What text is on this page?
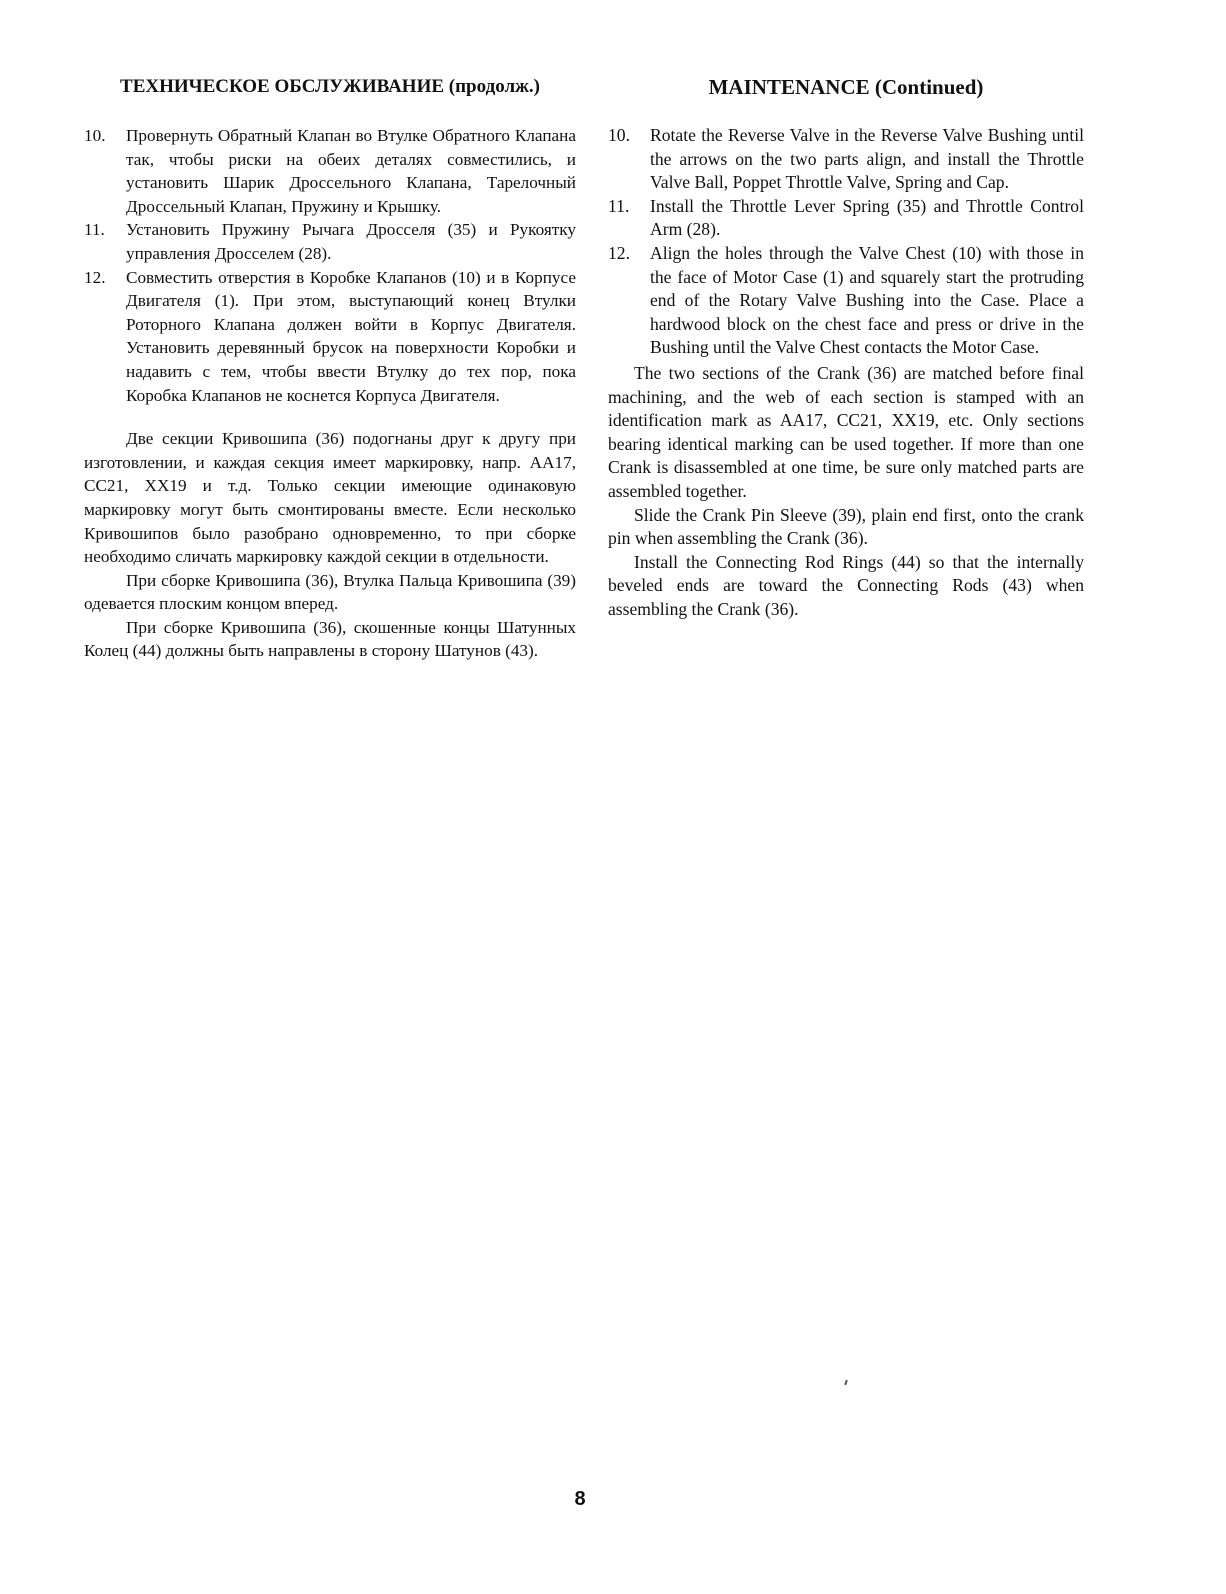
ТЕХНИЧЕСКОЕ ОБСЛУЖИВАНИЕ (продолж.)
10.	Провернуть Обратный Клапан во Втулке Обратного Клапана так, чтобы риски на обеих деталях совместились, и установить Шарик Дроссельного Клапана, Тарелочный Дроссельный Клапан, Пружину и Крышку.
11.	Установить Пружину Рычага Дросселя (35) и Рукоятку управления Дросселем (28).
12.	Совместить отверстия в Коробке Клапанов (10) и в Корпусе Двигателя (1). При этом, выступающий конец Втулки Роторного Клапана должен войти в Корпус Двигателя. Установить деревянный брусок на поверхности Коробки и надавить с тем, чтобы ввести Втулку до тех пор, пока Коробка Клапанов не коснется Корпуса Двигателя.

Две секции Кривошипа (36) подогнаны друг к другу при изготовлении, и каждая секция имеет маркировку, напр. AA17, CC21, XX19 и т.д. Только секции имеющие одинаковую маркировку могут быть смонтированы вместе. Если несколько Кривошипов было разобрано одновременно, то при сборке необходимо сличать маркировку каждой секции в отдельности.

При сборке Кривошипа (36), Втулка Пальца Кривошипа (39) одевается плоским концом вперед.

При сборке Кривошипа (36), скошенные концы Шатунных Колец (44) должны быть направлены в сторону Шатунов (43).

MAINTENANCE (Continued)
10.	Rotate the Reverse Valve in the Reverse Valve Bushing until the arrows on the two parts align, and install the Throttle Valve Ball, Poppet Throttle Valve, Spring and Cap.
11.	Install the Throttle Lever Spring (35) and Throttle Control Arm (28).
12.	Align the holes through the Valve Chest (10) with those in the face of Motor Case (1) and squarely start the protruding end of the Rotary Valve Bushing into the Case. Place a hardwood block on the chest face and press or drive in the Bushing until the Valve Chest contacts the Motor Case.

The two sections of the Crank (36) are matched before final machining, and the web of each section is stamped with an identification mark as AA17, CC21, XX19, etc. Only sections bearing identical marking can be used together. If more than one Crank is disassembled at one time, be sure only matched parts are assembled together.

Slide the Crank Pin Sleeve (39), plain end first, onto the crank pin when assembling the Crank (36).

Install the Connecting Rod Rings (44) so that the internally beveled ends are toward the Connecting Rods (43) when assembling the Crank (36).

8
